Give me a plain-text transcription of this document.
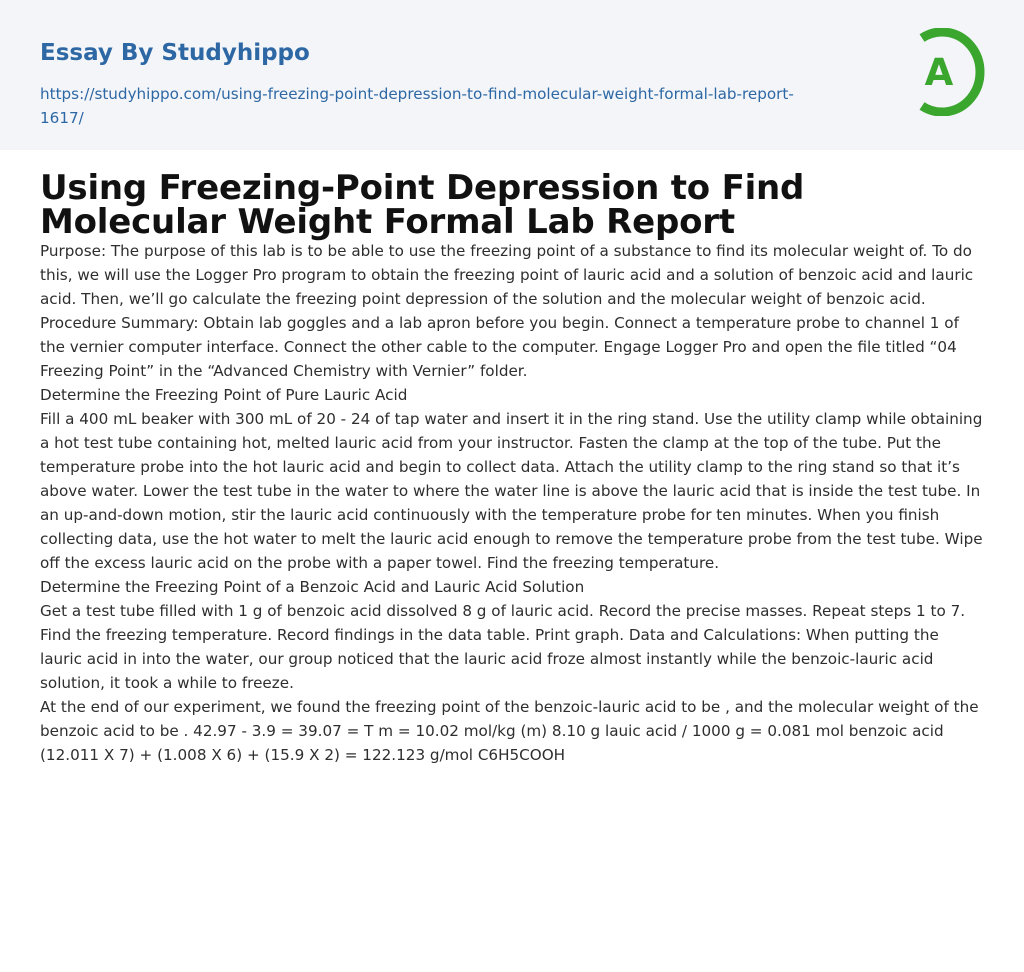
Essay By Studyhippo
https://studyhippo.com/using-freezing-point-depression-to-find-molecular-weight-formal-lab-report-1617/
A
Using Freezing-Point Depression to Find Molecular Weight Formal Lab Report

Purpose: The purpose of this lab is to be able to use the freezing point of a substance to find its molecular weight of. To do this, we will use the Logger Pro program to obtain the freezing point of lauric acid and a solution of benzoic acid and lauric acid. Then, we’ll go calculate the freezing point depression of the solution and the molecular weight of benzoic acid.

Procedure Summary: Obtain lab goggles and a lab apron before you begin. Connect a temperature probe to channel 1 of the vernier computer interface. Connect the other cable to the computer. Engage Logger Pro and open the file titled “04 Freezing Point” in the “Advanced Chemistry with Vernier” folder.

Determine the Freezing Point of Pure Lauric Acid

Fill a 400 mL beaker with 300 mL of 20 - 24 of tap water and insert it in the ring stand. Use the utility clamp while obtaining a hot test tube containing hot, melted lauric acid from your instructor. Fasten the clamp at the top of the tube. Put the temperature probe into the hot lauric acid and begin to collect data. Attach the utility clamp to the ring stand so that it’s above water. Lower the test tube in the water to where the water line is above the lauric acid that is inside the test tube. In an up-and-down motion, stir the lauric acid continuously with the temperature probe for ten minutes. When you finish collecting data, use the hot water to melt the lauric acid enough to remove the temperature probe from the test tube. Wipe off the excess lauric acid on the probe with a paper towel. Find the freezing temperature.

Determine the Freezing Point of a Benzoic Acid and Lauric Acid Solution

Get a test tube filled with 1 g of benzoic acid dissolved 8 g of lauric acid. Record the precise masses. Repeat steps 1 to 7. Find the freezing temperature. Record findings in the data table. Print graph. Data and Calculations: When putting the lauric acid in into the water, our group noticed that the lauric acid froze almost instantly while the benzoic-lauric acid solution, it took a while to freeze.

At the end of our experiment, we found the freezing point of the benzoic-lauric acid to be , and the molecular weight of the benzoic acid to be . 42.97 - 3.9 = 39.07 = T m = 10.02 mol/kg (m) 8.10 g lauic acid / 1000 g = 0.081 mol benzoic acid (12.011 X 7) + (1.008 X 6) + (15.9 X 2) = 122.123 g/mol C6H5COOH
